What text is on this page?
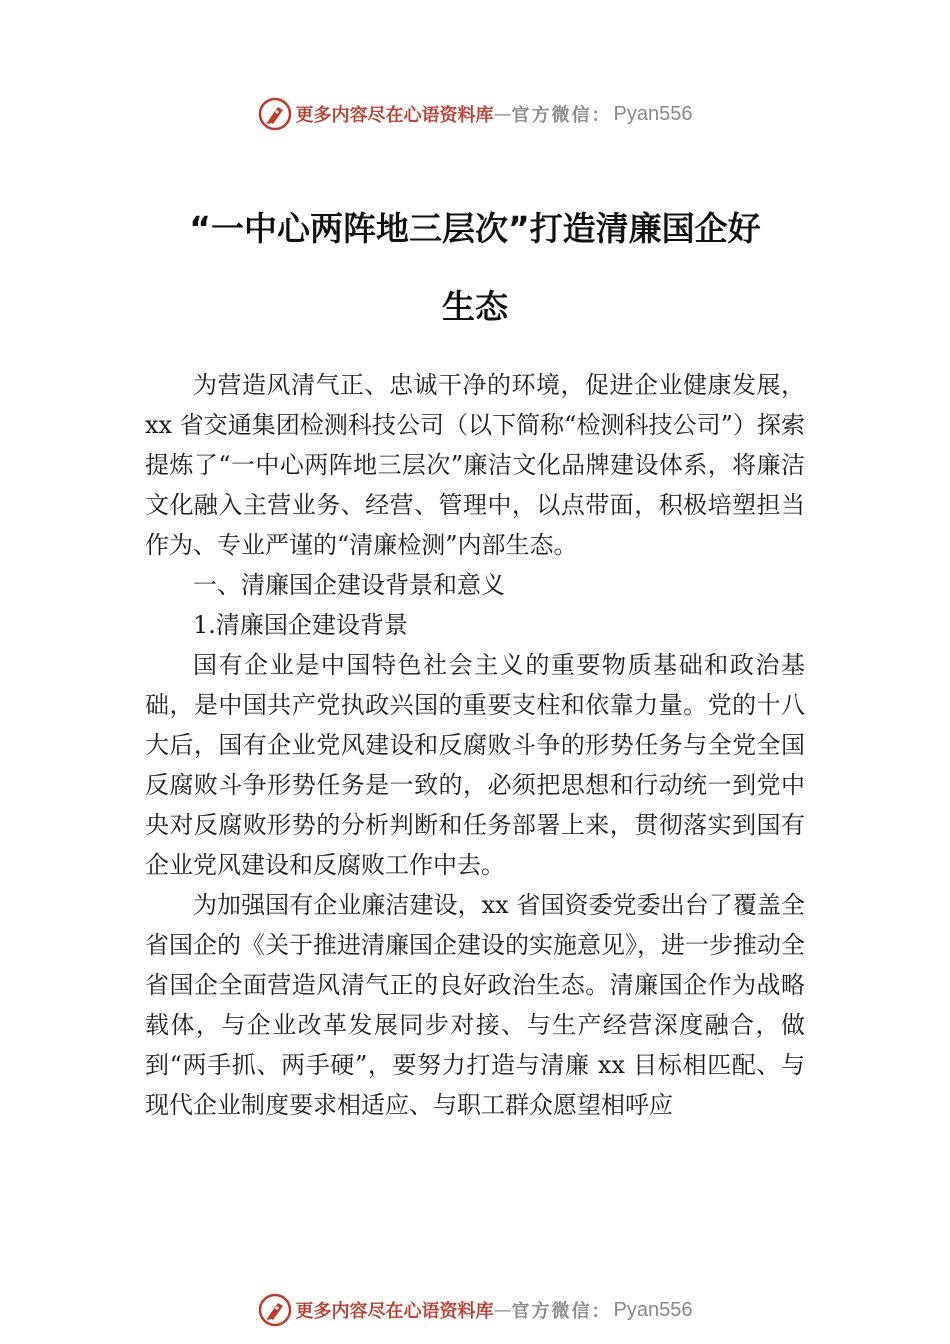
更多内容尽在心语资料库 — 官方微信： Pyan556
“一中心两阵地三层次”打造清廉国企好
生态

为营造风清气正、忠诚干净的环境，促进企业健康发展，xx 省交通集团检测科技公司（以下简称“检测科技公司”）探索提炼了“一中心两阵地三层次”廉洁文化品牌建设体系，将廉洁文化融入主营业务、经营、管理中，以点带面，积极培塑担当作为、专业严谨的“清廉检测”内部生态。

一、清廉国企建设背景和意义

1.清廉国企建设背景

国有企业是中国特色社会主义的重要物质基础和政治基础，是中国共产党执政兴国的重要支柱和依靠力量。党的十八大后，国有企业党风建设和反腐败斗争的形势任务与全党全国反腐败斗争形势任务是一致的，必须把思想和行动统一到党中央对反腐败形势的分析判断和任务部署上来，贯彻落实到国有企业党风建设和反腐败工作中去。

为加强国有企业廉洁建设，xx 省国资委党委出台了覆盖全省国企的《关于推进清廉国企建设的实施意见》，进一步推动全省国企全面营造风清气正的良好政治生态。清廉国企作为战略载体，与企业改革发展同步对接、与生产经营深度融合，做到“两手抓、两手硬”，要努力打造与清廉 xx 目标相匹配、与现代企业制度要求相适应、与职工群众愿望相呼应

更多内容尽在心语资料库 — 官方微信： Pyan556
